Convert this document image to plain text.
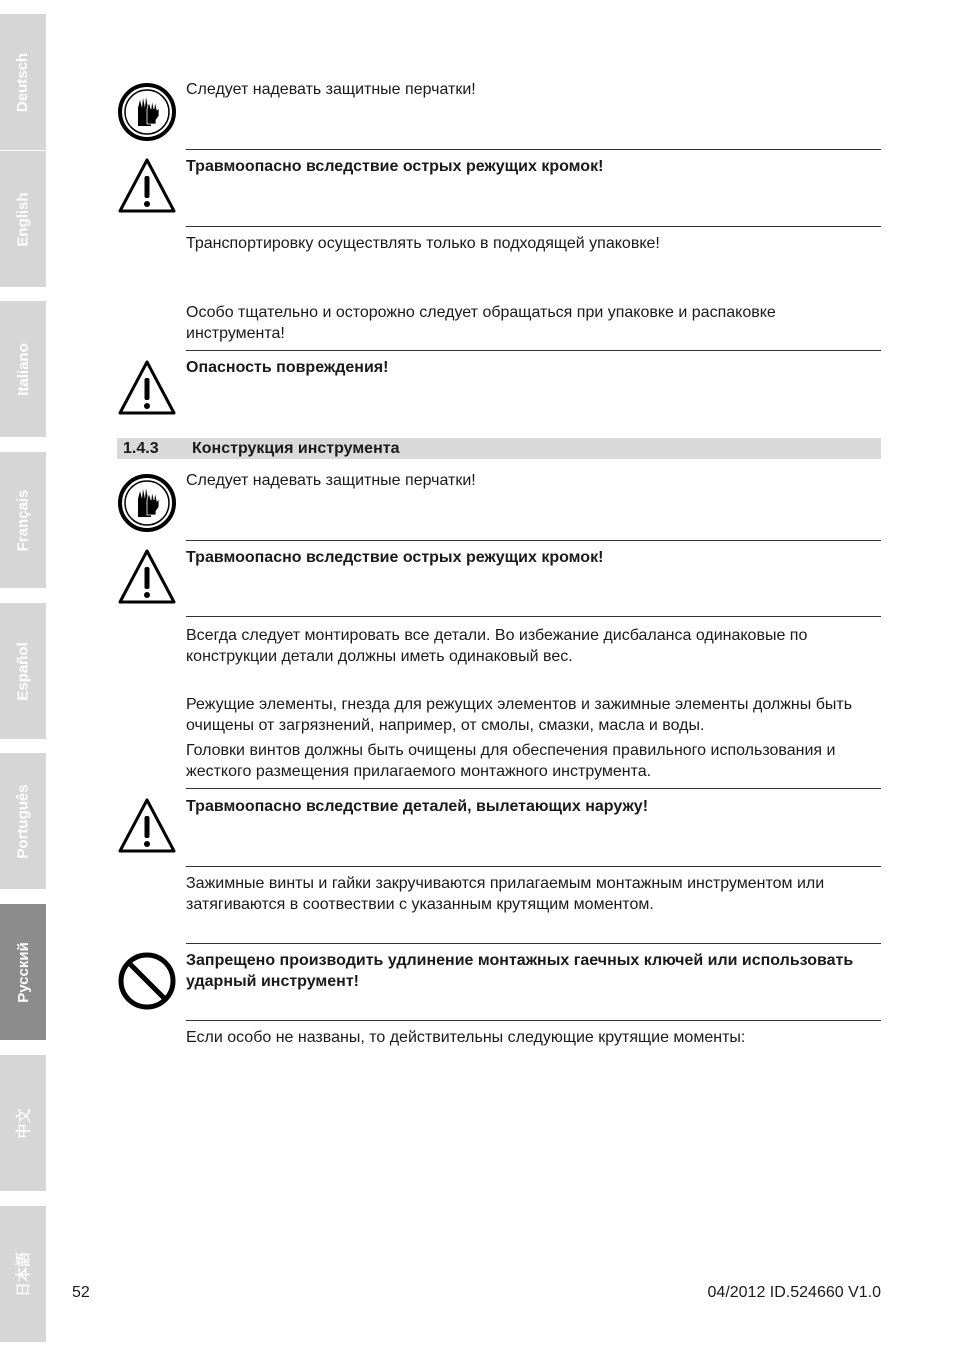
Deutsch
English
Italiano
Français
Español
Português
Русский
中文
日本語
Следует надевать защитные перчатки!
Травмоопасно вследствие острых режущих кромок!
Транспортировку осуществлять только в подходящей упаковке!
Особо тщательно и осторожно следует обращаться при упаковке и распаковке инструмента!
Опасность повреждения!
1.4.3 Конструкция инструмента
Следует надевать защитные перчатки!
Травмоопасно вследствие острых режущих кромок!
Всегда следует монтировать все детали. Во избежание дисбаланса одинаковые по конструкции детали должны иметь одинаковый вес.
Режущие элементы, гнезда для режущих элементов и зажимные элементы должны быть очищены от загрязнений, например, от смолы, смазки, масла и воды.
Головки винтов должны быть очищены для обеспечения правильного использования и жесткого размещения прилагаемого монтажного инструмента.
Травмоопасно вследствие деталей, вылетающих наружу!
Зажимные винты и гайки закручиваются прилагаемым монтажным инструментом или затягиваются в соотвествии с указанным крутящим моментом.
Запрещено производить удлинение монтажных гаечных ключей или использовать ударный инструмент!
Если особо не названы, то действительны следующие крутящие моменты:
52	04/2012 ID.524660 V1.0
